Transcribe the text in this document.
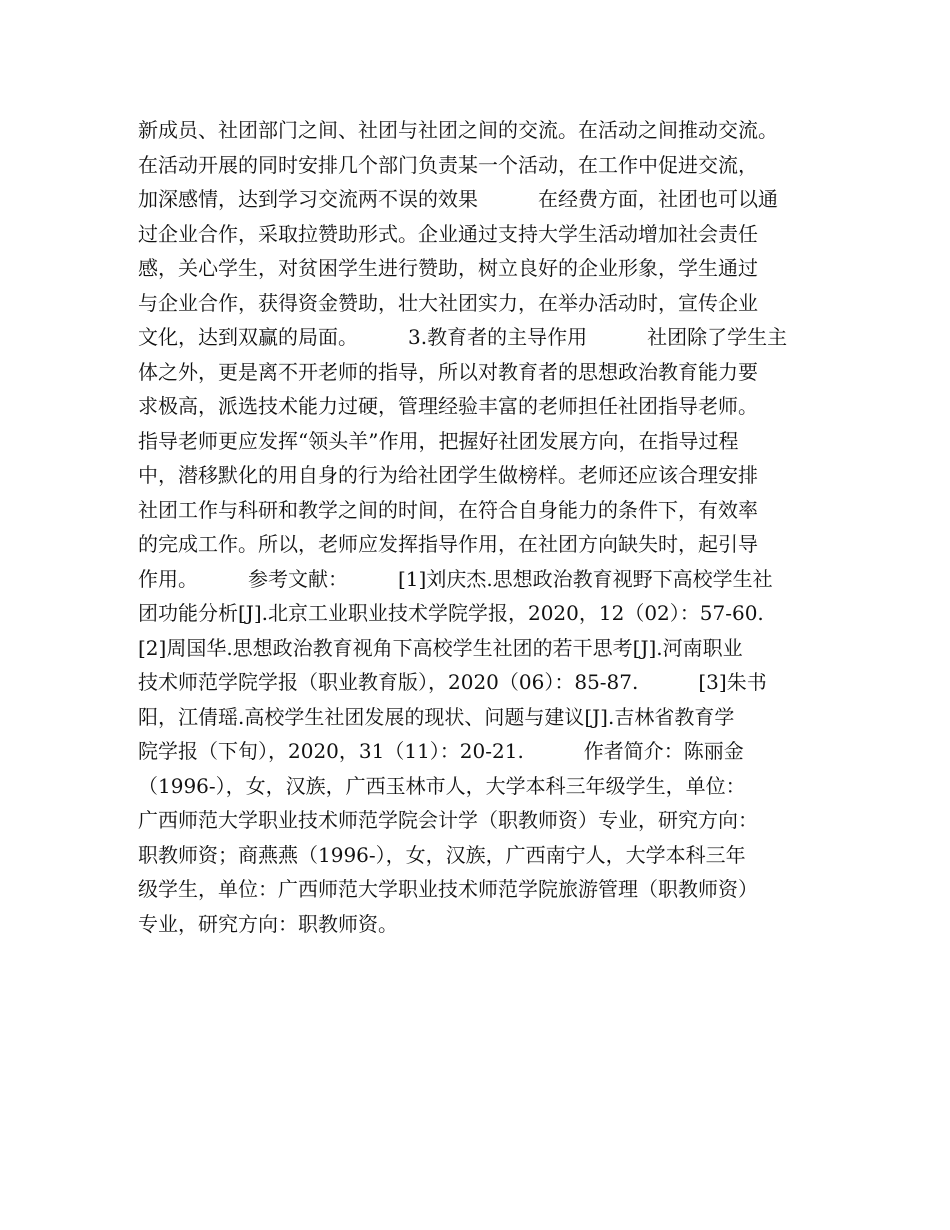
新成员、社团部门之间、社团与社团之间的交流。在活动之间推动交流。
在活动开展的同时安排几个部门负责某一个活动，在工作中促进交流，
加深感情，达到学习交流两不误的效果　　　在经费方面，社团也可以通
过企业合作，采取拉赞助形式。企业通过支持大学生活动增加社会责任
感，关心学生，对贫困学生进行赞助，树立良好的企业形象，学生通过
与企业合作，获得资金赞助，壮大社团实力，在举办活动时，宣传企业
文化，达到双赢的局面。　　　3.教育者的主导作用　　　社团除了学生主
体之外，更是离不开老师的指导，所以对教育者的思想政治教育能力要
求极高，派选技术能力过硬，管理经验丰富的老师担任社团指导老师。
指导老师更应发挥“领头羊”作用，把握好社团发展方向，在指导过程
中，潜移默化的用自身的行为给社团学生做榜样。老师还应该合理安排
社团工作与科研和教学之间的时间，在符合自身能力的条件下，有效率
的完成工作。所以，老师应发挥指导作用，在社团方向缺失时，起引导
作用。　　　参考文献：　　　[1]刘庆杰.思想政治教育视野下高校学生社
团功能分析[J].北京工业职业技术学院学报，2020，12（02）：57-60.
[2]周国华.思想政治教育视角下高校学生社团的若干思考[J].河南职业
技术师范学院学报（职业教育版），2020（06）：85-87.　　　[3]朱书
阳，江倩瑶.高校学生社团发展的现状、问题与建议[J].吉林省教育学
院学报（下旬），2020，31（11）：20-21.　　　作者简介：陈丽金
（1996-），女，汉族，广西玉林市人，大学本科三年级学生，单位：
广西师范大学职业技术师范学院会计学（职教师资）专业，研究方向：
职教师资；商燕燕（1996-），女，汉族，广西南宁人，大学本科三年
级学生，单位：广西师范大学职业技术师范学院旅游管理（职教师资）
专业，研究方向：职教师资。
